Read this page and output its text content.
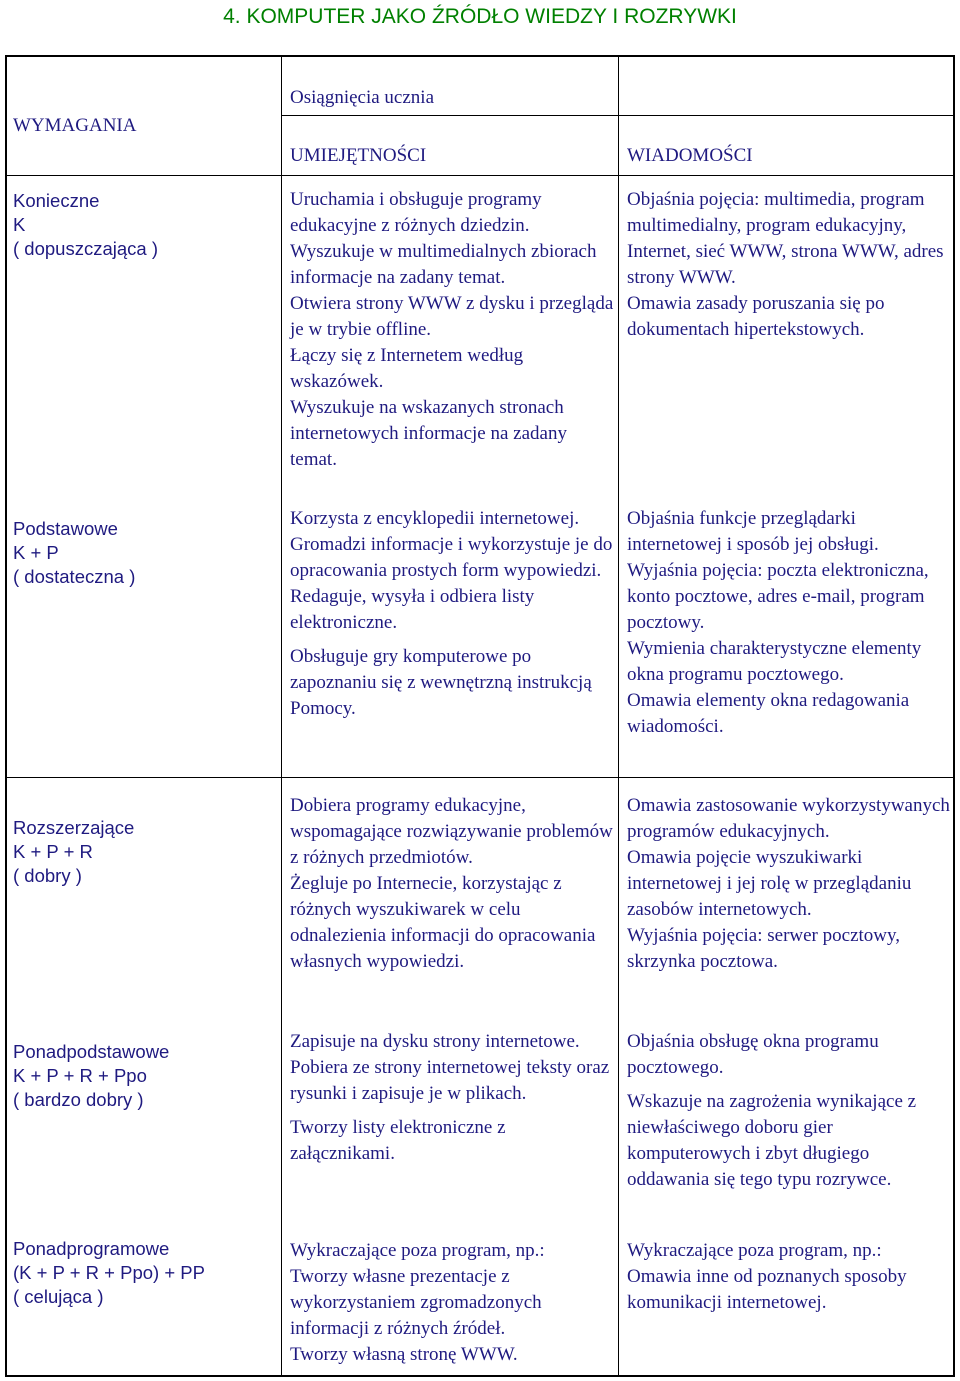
4. KOMPUTER JAKO ŹRÓDŁO WIEDZY I ROZRYWKI
WYMAGANIA
Osiągnięcia ucznia
UMIEJĘTNOŚCI	WIADOMOŚCI
Konieczne
K
( dopuszczająca )
Podstawowe
K + P
( dostateczna )
Rozszerzające
K + P + R
( dobry )
Ponadpodstawowe
K + P + R + Ppo
( bardzo dobry )
Ponadprogramowe
(K + P + R + Ppo) + PP
( celująca )
Uruchamia i obsługuje programy edukacyjne z różnych dziedzin.
Wyszukuje w multimedialnych zbiorach informacje na zadany temat.
Otwiera strony WWW z dysku i przegląda je w trybie offline.
Łączy się z Internetem według wskazówek.
Wyszukuje na wskazanych stronach internetowych informacje na zadany temat.
Korzysta z encyklopedii internetowej.
Gromadzi informacje i wykorzystuje je do opracowania prostych form wypowiedzi.
Redaguje, wysyła i odbiera listy elektroniczne.
Obsługuje gry komputerowe po zapoznaniu się z wewnętrzną instrukcją Pomocy.
Dobiera programy edukacyjne, wspomagające rozwiązywanie problemów z różnych przedmiotów.
Żegluje po Internecie, korzystając z różnych wyszukiwarek w celu odnalezienia informacji do opracowania własnych wypowiedzi.
Zapisuje na dysku strony internetowe.
Pobiera ze strony internetowej teksty oraz rysunki i zapisuje je w plikach.
Tworzy listy elektroniczne z załącznikami.
Wykraczające poza program, np.:
Tworzy własne prezentacje z wykorzystaniem zgromadzonych informacji z różnych źródeł.
Tworzy własną stronę WWW.
Objaśnia pojęcia: multimedia, program multimedialny, program edukacyjny, Internet, sieć WWW, strona WWW, adres strony WWW.
Omawia zasady poruszania się po dokumentach hipertekstowych.
Objaśnia funkcje przeglądarki internetowej i sposób jej obsługi.
Wyjaśnia pojęcia: poczta elektroniczna, konto pocztowe, adres e-mail, program pocztowy.
Wymienia charakterystyczne elementy okna programu pocztowego.
Omawia elementy okna redagowania wiadomości.
Omawia zastosowanie wykorzystywanych programów edukacyjnych.
Omawia pojęcie wyszukiwarki internetowej i jej rolę w przeglądaniu zasobów internetowych.
Wyjaśnia pojęcia: serwer pocztowy, skrzynka pocztowa.
Objaśnia obsługę okna programu pocztowego.
Wskazuje na zagrożenia wynikające z niewłaściwego doboru gier komputerowych i zbyt długiego oddawania się tego typu rozrywce.
Wykraczające poza program, np.:
Omawia inne od poznanych sposoby komunikacji internetowej.
